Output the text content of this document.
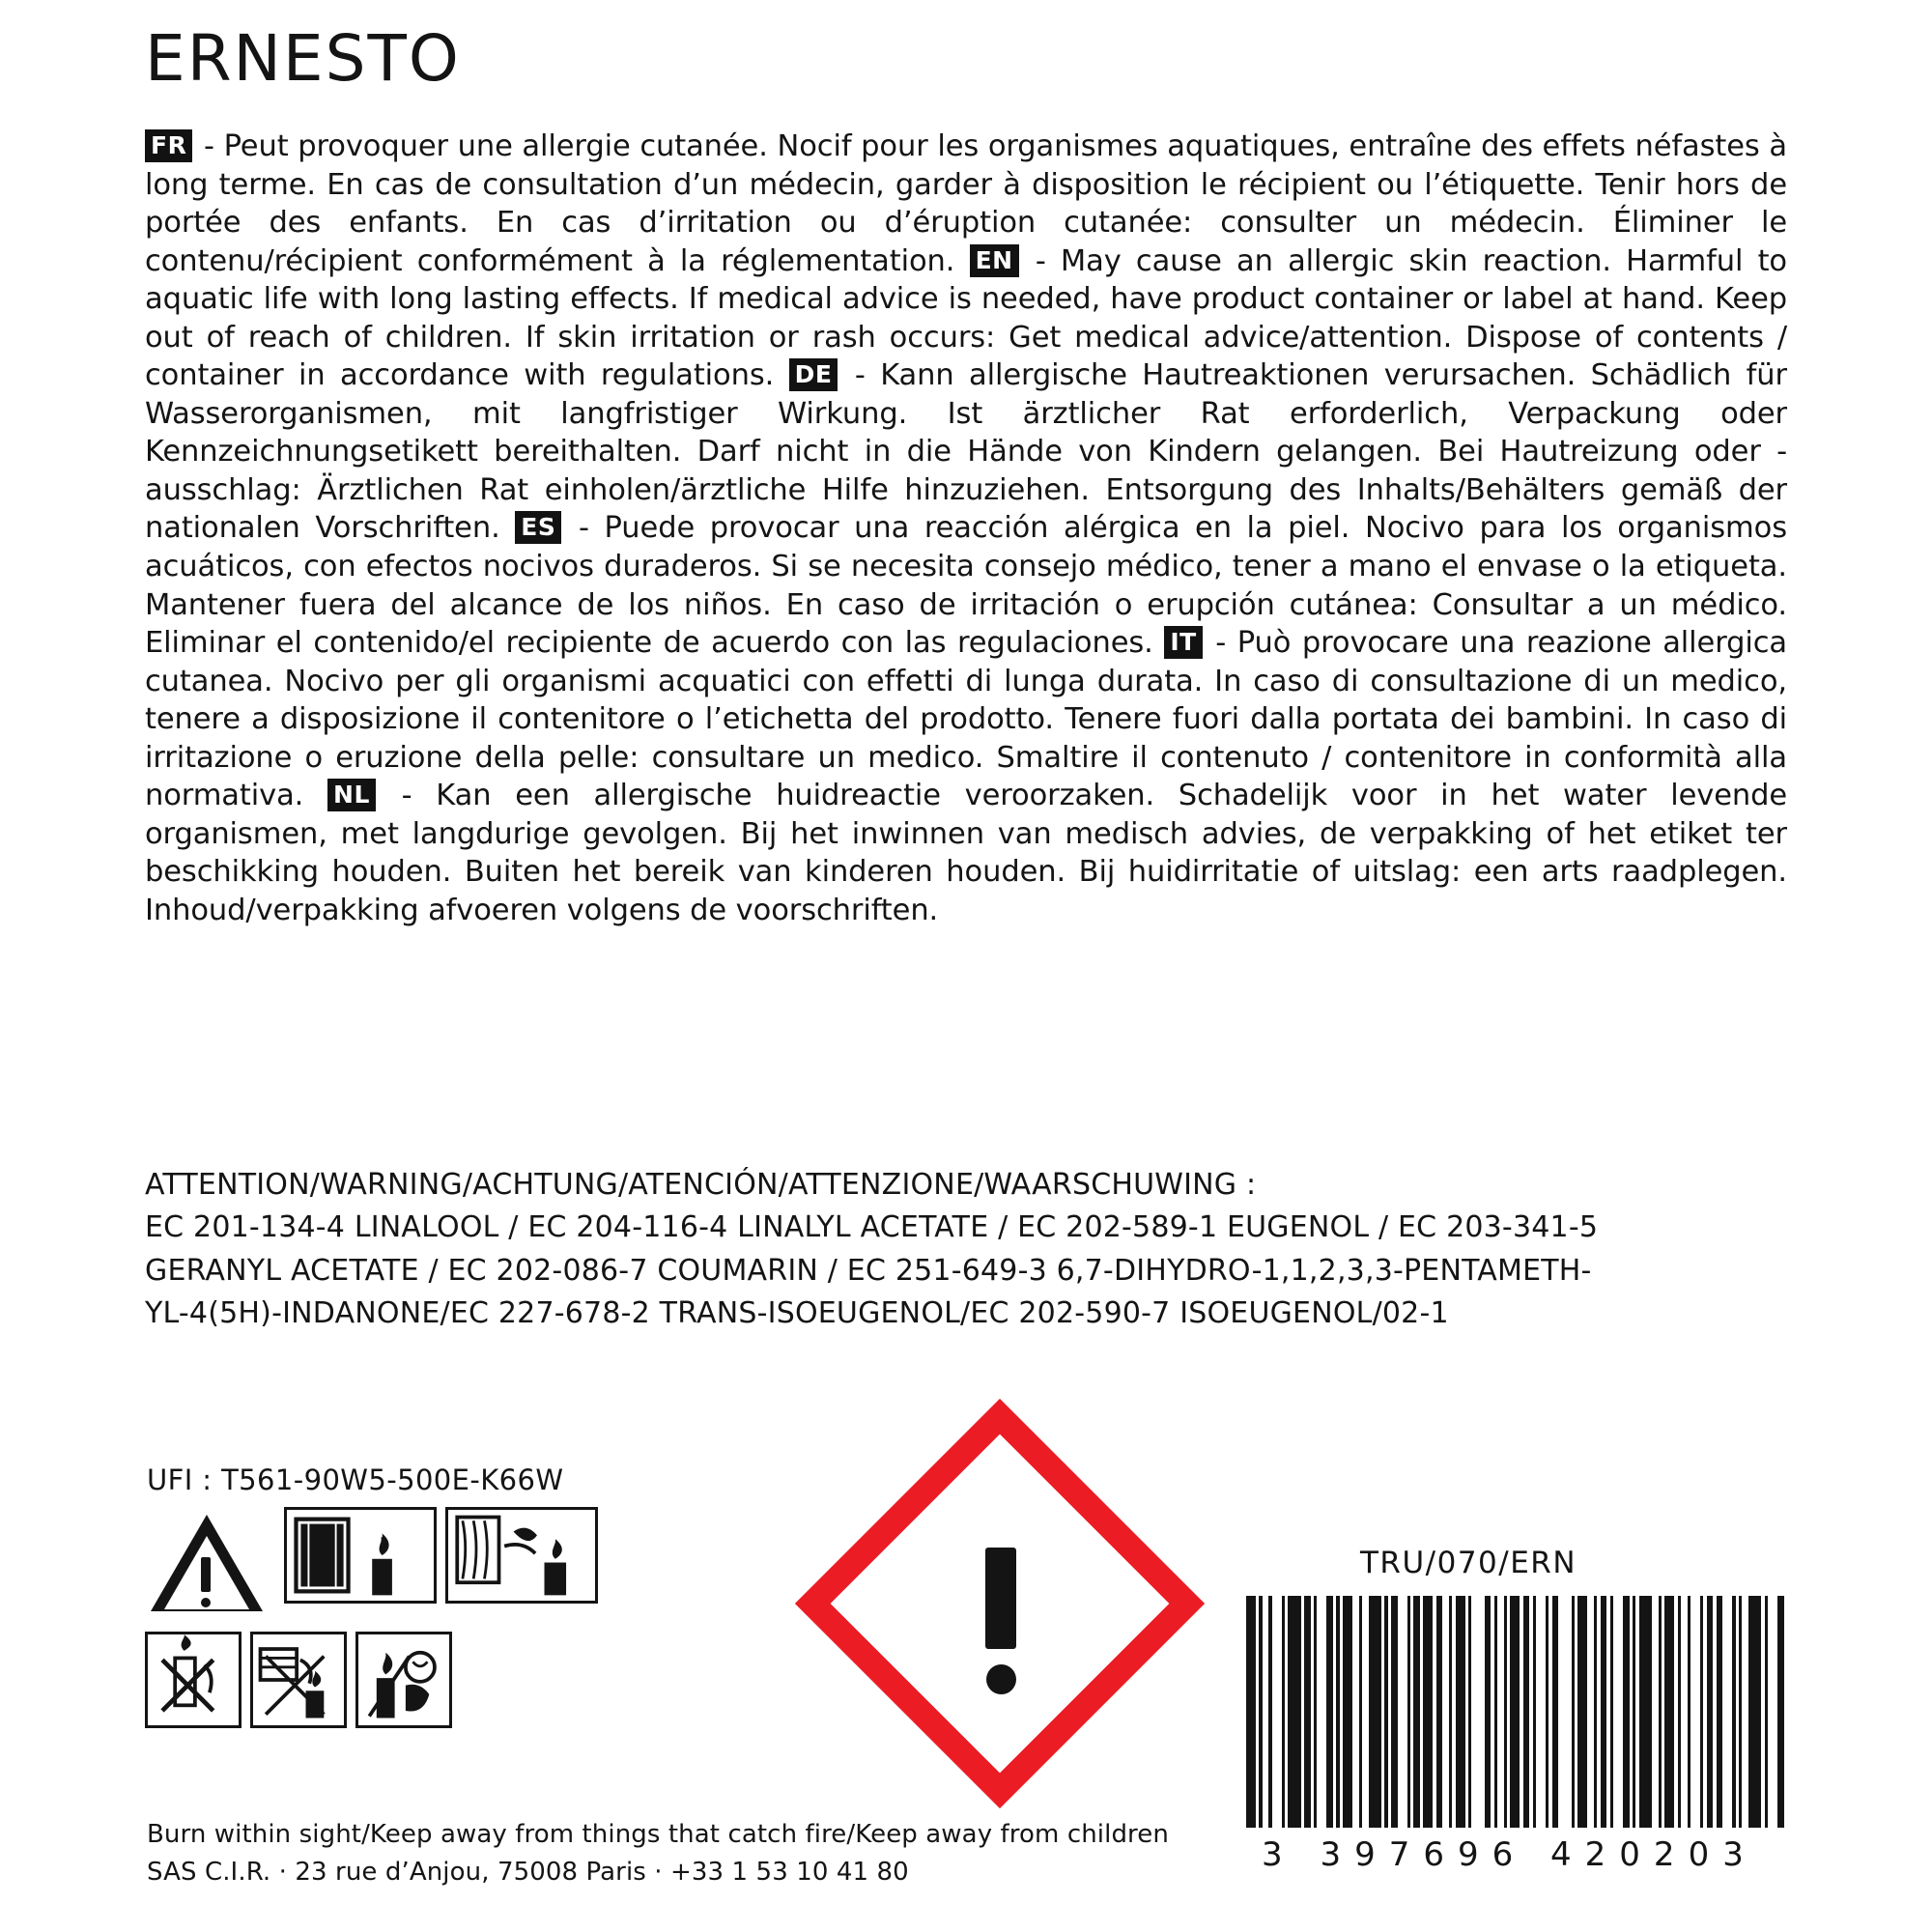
ERNESTO
FR - Peut provoquer une allergie cutanée. Nocif pour les organismes aquatiques, entraîne des effets néfastes à long terme. En cas de consultation d’un médecin, garder à disposition le récipient ou l’étiquette. Tenir hors de portée des enfants. En cas d’irritation ou d’éruption cutanée: consulter un médecin. Éliminer le contenu/récipient conformément à la réglementation. EN - May cause an allergic skin reaction. Harmful to aquatic life with long lasting effects. If medical advice is needed, have product container or label at hand. Keep out of reach of children. If skin irritation or rash occurs: Get medical advice/attention. Dispose of contents / container in accordance with regulations. DE - Kann allergische Hautreaktionen verursachen. Schädlich für Wasserorganismen, mit langfristiger Wirkung. Ist ärztlicher Rat erforderlich, Verpackung oder Kennzeichnungsetikett bereithalten. Darf nicht in die Hände von Kindern gelangen. Bei Hautreizung oder -ausschlag: Ärztlichen Rat einholen/ärztliche Hilfe hinzuziehen. Entsorgung des Inhalts/Behälters gemäß der nationalen Vorschriften. ES - Puede provocar una reacción alérgica en la piel. Nocivo para los organismos acuáticos, con efectos nocivos duraderos. Si se necesita consejo médico, tener a mano el envase o la etiqueta. Mantener fuera del alcance de los niños. En caso de irritación o erupción cutánea: Consultar a un médico. Eliminar el contenido/el recipiente de acuerdo con las regulaciones. IT - Può provocare una reazione allergica cutanea. Nocivo per gli organismi acquatici con effetti di lunga durata. In caso di consultazione di un medico, tenere a disposizione il contenitore o l’etichetta del prodotto. Tenere fuori dalla portata dei bambini. In caso di irritazione o eruzione della pelle: consultare un medico. Smaltire il contenuto / contenitore in conformità alla normativa. NL - Kan een allergische huidreactie veroorzaken. Schadelijk voor in het water levende organismen, met langdurige gevolgen. Bij het inwinnen van medisch advies, de verpakking of het etiket ter beschikking houden. Buiten het bereik van kinderen houden. Bij huidirritatie of uitslag: een arts raadplegen. Inhoud/verpakking afvoeren volgens de voorschriften.
ATTENTION/WARNING/ACHTUNG/ATENCIÓN/ATTENZIONE/WAARSCHUWING :
EC 201-134-4 LINALOOL / EC 204-116-4 LINALYL ACETATE / EC 202-589-1 EUGENOL / EC 203-341-5
GERANYL ACETATE / EC 202-086-7 COUMARIN / EC 251-649-3 6,7-DIHYDRO-1,1,2,3,3-PENTAMETH-
YL-4(5H)-INDANONE/EC 227-678-2 TRANS-ISOEUGENOL/EC 202-590-7 ISOEUGENOL/02-1
UFI : T561-90W5-500E-K66W
TRU/070/ERN
3 397696 420203
Burn within sight/Keep away from things that catch fire/Keep away from children
SAS C.I.R. · 23 rue d’Anjou, 75008 Paris · +33 1 53 10 41 80
